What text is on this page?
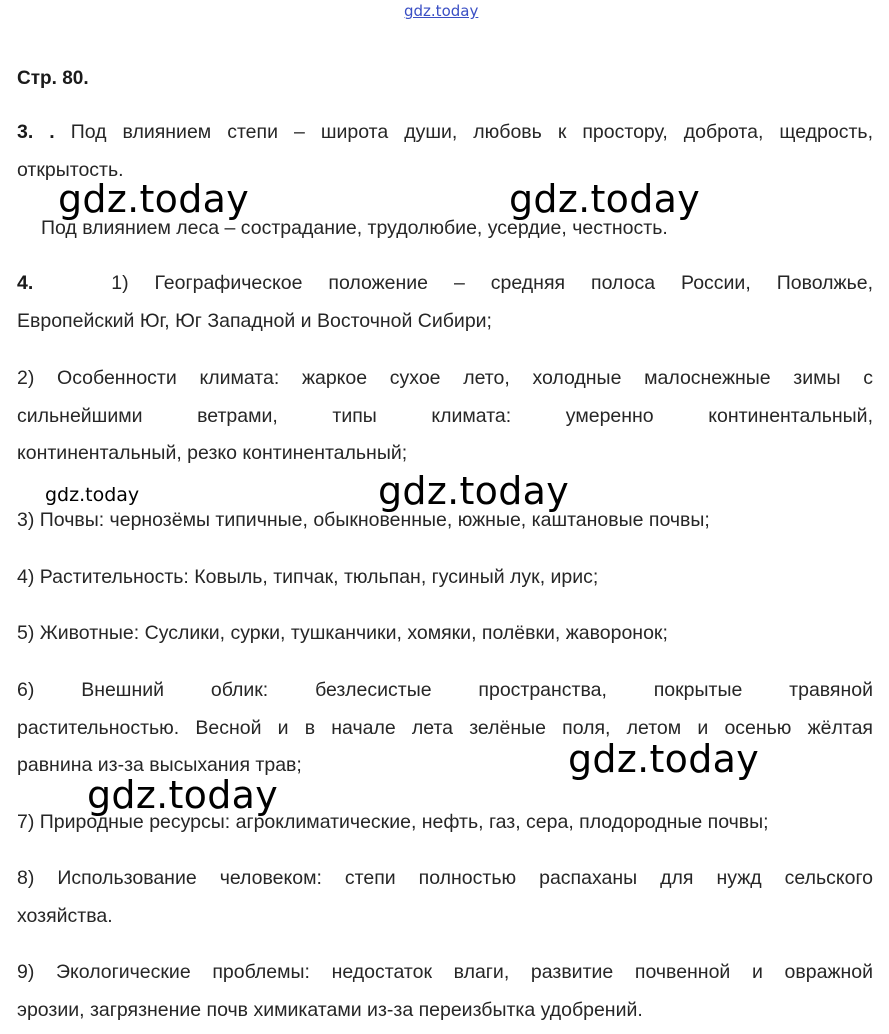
gdz.today
Стр. 80.
3. . Под влиянием степи – широта души, любовь к простору, доброта, щедрость,
открытость.
Под влиянием леса – сострадание, трудолюбие, усердие, честность.
4.	1) Географическое положение – средняя полоса России, Поволжье,
Европейский Юг, Юг Западной и Восточной Сибири;
2) Особенности климата: жаркое сухое лето, холодные малоснежные зимы с
сильнейшими ветрами, типы климата: умеренно континентальный,
континентальный, резко континентальный;
3) Почвы: чернозёмы типичные, обыкновенные, южные, каштановые почвы;
4) Растительность: Ковыль, типчак, тюльпан, гусиный лук, ирис;
5) Животные: Суслики, сурки, тушканчики, хомяки, полёвки, жаворонок;
6) Внешний облик: безлесистые пространства, покрытые травяной
растительностью. Весной и в начале лета зелёные поля, летом и осенью жёлтая
равнина из-за высыхания трав;
7) Природные ресурсы: агроклиматические, нефть, газ, сера, плодородные почвы;
8) Использование человеком: степи полностью распаханы для нужд сельского
хозяйства.
9) Экологические проблемы: недостаток влаги, развитие почвенной и овражной
эрозии, загрязнение почв химикатами из-за переизбытка удобрений.
gdz.today	gdz.today
gdz.today	gdz.today
gdz.today
gdz.today
